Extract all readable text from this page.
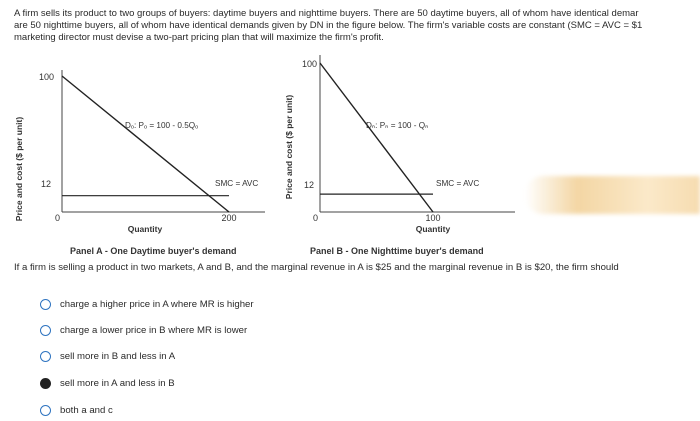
A firm sells its product to two groups of buyers: daytime buyers and nighttime buyers. There are 50 daytime buyers, all of whom have identical demar
are 50 nighttime buyers, all of whom have identical demands given by DN in the figure below. The firm's variable costs are constant (SMC = AVC = $1
marketing director must devise a two-part pricing plan that will maximize the firm's profit.
Price and cost ($ per unit)
100
12
0
Dₒ: Pₒ = 100 - 0.5Qₒ
SMC = AVC
200
Quantity
Panel A - One Daytime buyer's demand
Price and cost ($ per unit)
100
12
0
Dₙ: Pₙ = 100 - Qₙ
SMC = AVC
100
Quantity
Panel B - One Nighttime buyer's demand
If a firm is selling a product in two markets, A and B, and the marginal revenue in A is $25 and the marginal revenue in B is $20, the firm should
charge a higher price in A where MR is higher
charge a lower price in B where MR is lower
sell more in B and less in A
sell more in A and less in B
both a and c
